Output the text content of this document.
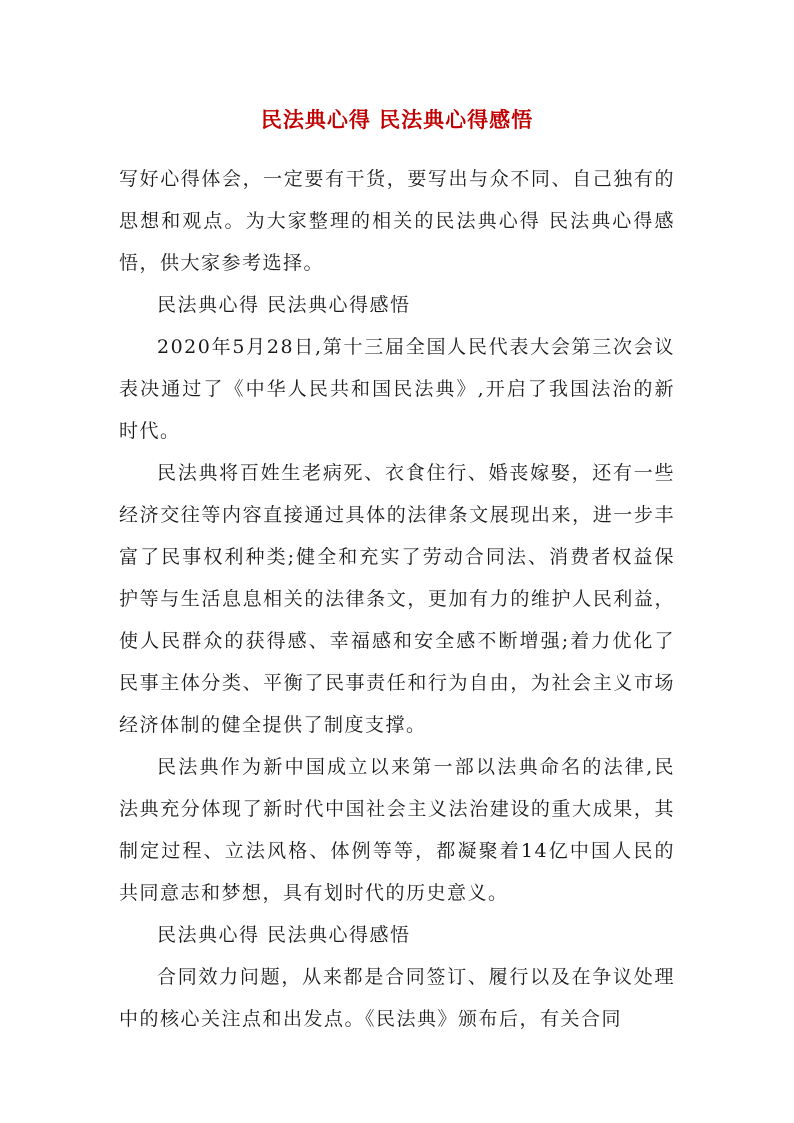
民法典心得 民法典心得感悟

写好心得体会，一定要有干货，要写出与众不同、自己独有的思想和观点。为大家整理的相关的民法典心得 民法典心得感悟，供大家参考选择。

民法典心得 民法典心得感悟

2020年5月28日,第十三届全国人民代表大会第三次会议表决通过了《中华人民共和国民法典》,开启了我国法治的新时代。

民法典将百姓生老病死、衣食住行、婚丧嫁娶，还有一些经济交往等内容直接通过具体的法律条文展现出来，进一步丰富了民事权利种类;健全和充实了劳动合同法、消费者权益保护等与生活息息相关的法律条文，更加有力的维护人民利益，使人民群众的获得感、幸福感和安全感不断增强;着力优化了民事主体分类、平衡了民事责任和行为自由，为社会主义市场经济体制的健全提供了制度支撑。

民法典作为新中国成立以来第一部以法典命名的法律,民法典充分体现了新时代中国社会主义法治建设的重大成果，其制定过程、立法风格、体例等等，都凝聚着14亿中国人民的共同意志和梦想，具有划时代的历史意义。

民法典心得 民法典心得感悟

合同效力问题，从来都是合同签订、履行以及在争议处理中的核心关注点和出发点。《民法典》颁布后，有关合同
